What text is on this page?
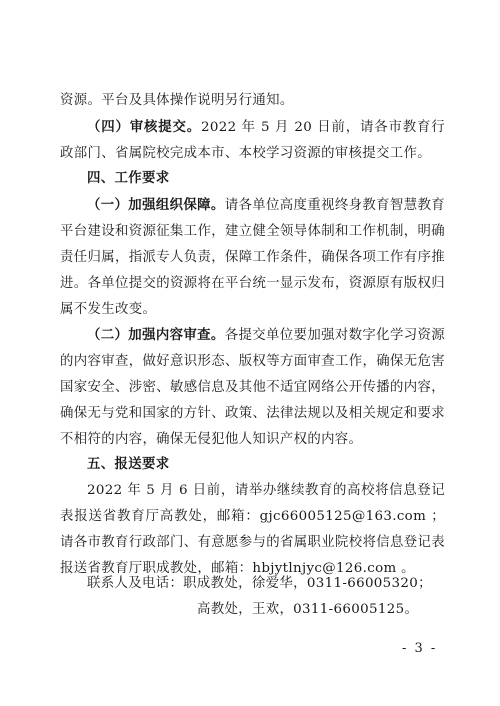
资源。平台及具体操作说明另行通知。

（四）审核提交。2022 年 5 月 20 日前，请各市教育行政部门、省属院校完成本市、本校学习资源的审核提交工作。

四、工作要求

（一）加强组织保障。请各单位高度重视终身教育智慧教育平台建设和资源征集工作，建立健全领导体制和工作机制，明确责任归属，指派专人负责，保障工作条件，确保各项工作有序推进。各单位提交的资源将在平台统一显示发布，资源原有版权归属不发生改变。

（二）加强内容审查。各提交单位要加强对数字化学习资源的内容审查，做好意识形态、版权等方面审查工作，确保无危害国家安全、涉密、敏感信息及其他不适宜网络公开传播的内容，确保无与党和国家的方针、政策、法律法规以及相关规定和要求不相符的内容，确保无侵犯他人知识产权的内容。

五、报送要求

2022 年 5 月 6 日前，请举办继续教育的高校将信息登记表报送省教育厅高教处，邮箱：gjc66005125@163.com ；请各市教育行政部门、有意愿参与的省属职业院校将信息登记表报送省教育厅职成教处，邮箱：hbjytlnjyc@126.com 。

联系人及电话：职成教处，徐爱华，0311-66005320；
高教处，王欢，0311-66005125。
- 3 -
